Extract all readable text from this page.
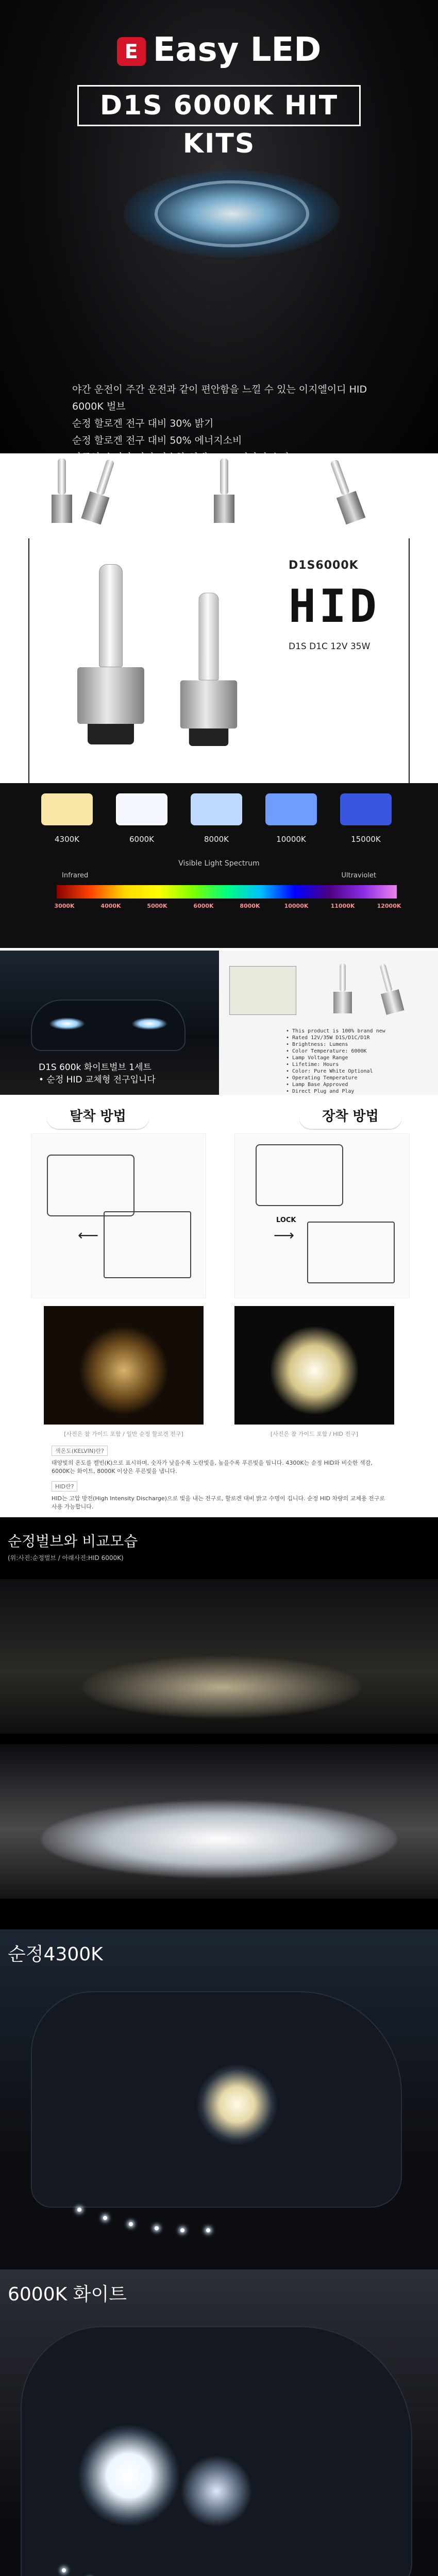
E Easy LED
D1S 6000K HIT KITS
야간 운전이 주간 운전과 같이 편안함을 느낄 수 있는 이지엘이디 HID 6000K 벌브
순정 할로겐 전구 대비 30% 밝기
순정 할로겐 전구 대비 50% 에너지소비
D1S6000K
HID
D1S D1C 12V 35W
4300K	6000K	8000K	10000K	15000K
Visible Light Spectrum
Infrared	Ultraviolet
3000K	4000K	5000K	6000K	8000K	10000K	11000K	12000K
D1S 600k 화이트벌브 1세트
• 순정 HID 교체형 전구입니다
• This product is 100% brand new
• Rated 12V/35W D1S/D1C/D1R
• Brightness: Lumens
• Color Temperature: 6000K
• Lamp Voltage Range
• Lifetime: Hours
• Color: Pure White Optional
• Operating Temperature
• Lamp Base Approved
• Direct Plug and Play
탈착 방법	장착 방법
⟵
LOCK
⟶
[사진은 참 가이드 포함 / 일반 순정 할로겐 전구]	[사진은 참 가이드 포함 / HID 전구]
색온도(KELVIN)란?
태양빛의 온도를 켈빈(K)으로 표시하며, 숫자가 낮을수록 노란빛을, 높을수록 푸른빛을 띱니다. 4300K는 순정 HID와 비슷한 색감, 6000K는 화이트, 8000K 이상은 푸른빛을 냅니다.
HID란?
HID는 고압 방전(High Intensity Discharge)으로 빛을 내는 전구로, 할로겐 대비 밝고 수명이 깁니다. 순정 HID 차량의 교체용 전구로 사용 가능합니다.
순정벌브와 비교모습
(위:사진:순정벌브 / 아래사진:HID 6000K)
순정4300K
6000K 화이트
